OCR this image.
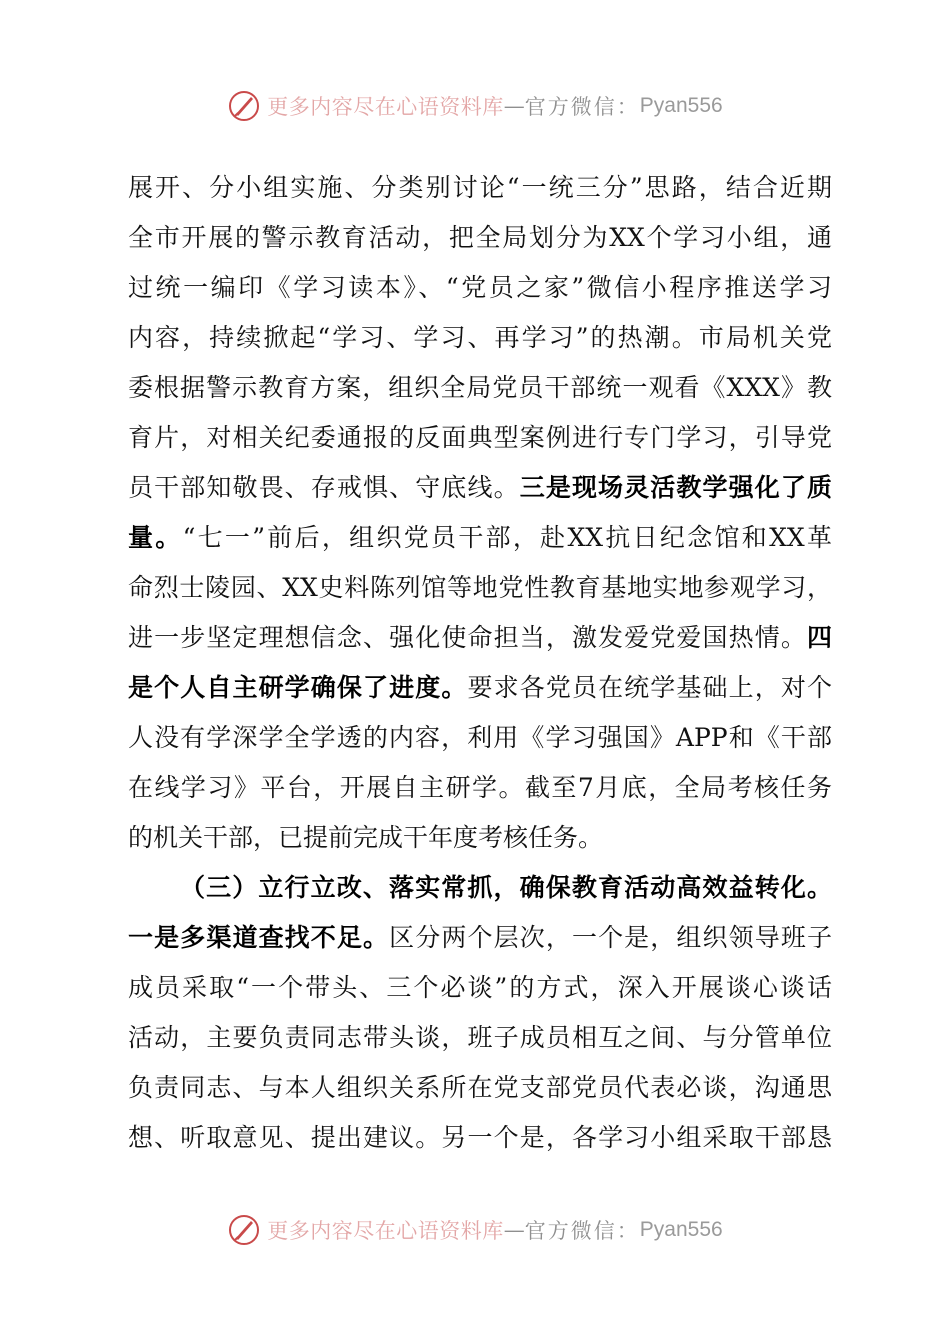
更多内容尽在心语资料库 — 官方微信： Pyan556
展开、分小组实施、分类别讨论“一统三分”思路，结合近期
全市开展的警示教育活动，把全局划分为XX个学习小组，通
过统一编印《学习读本》、“党员之家”微信小程序推送学习
内容，持续掀起“学习、学习、再学习”的热潮。市局机关党
委根据警示教育方案，组织全局党员干部统一观看《XXX》教
育片，对相关纪委通报的反面典型案例进行专门学习，引导党
员干部知敬畏、存戒惧、守底线。三是现场灵活教学强化了质
量。“七一”前后，组织党员干部，赴XX抗日纪念馆和XX革
命烈士陵园、XX史料陈列馆等地党性教育基地实地参观学习，
进一步坚定理想信念、强化使命担当，激发爱党爱国热情。四
是个人自主研学确保了进度。要求各党员在统学基础上，对个
人没有学深学全学透的内容，利用《学习强国》APP和《干部
在线学习》平台，开展自主研学。截至7月底，全局考核任务
的机关干部，已提前完成干年度考核任务。
（三）立行立改、落实常抓，确保教育活动高效益转化。
一是多渠道查找不足。区分两个层次，一个是，组织领导班子
成员采取“一个带头、三个必谈”的方式，深入开展谈心谈话
活动，主要负责同志带头谈，班子成员相互之间、与分管单位
负责同志、与本人组织关系所在党支部党员代表必谈，沟通思
想、听取意见、提出建议。另一个是，各学习小组采取干部恳
更多内容尽在心语资料库 — 官方微信： Pyan556
